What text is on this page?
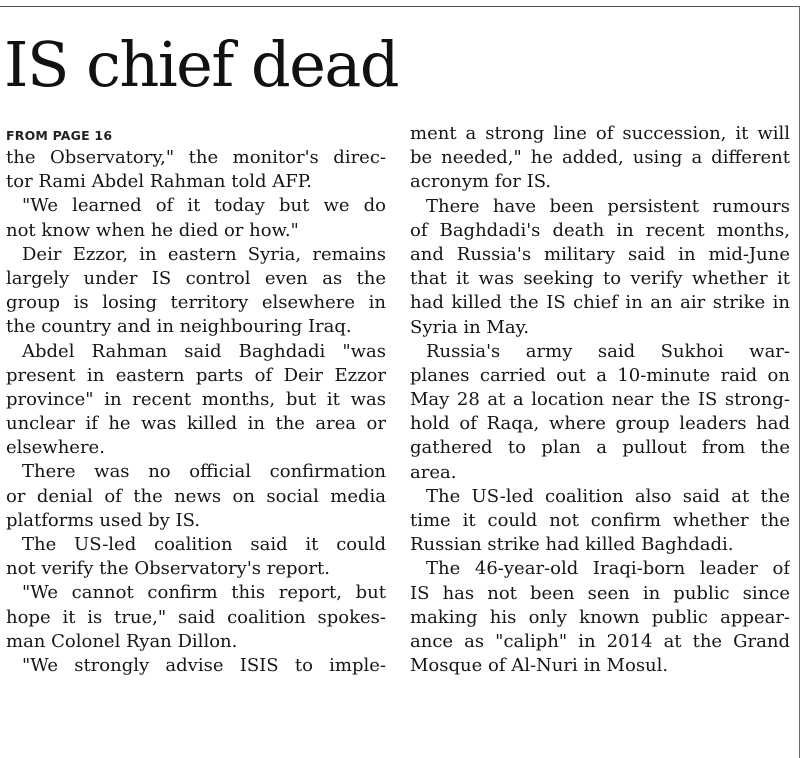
IS chief dead
FROM PAGE 16
the Observatory," the monitor's direc-
tor Rami Abdel Rahman told AFP.
"We learned of it today but we do
not know when he died or how."
Deir Ezzor, in eastern Syria, remains
largely under IS control even as the
group is losing territory elsewhere in
the country and in neighbouring Iraq.
Abdel Rahman said Baghdadi "was
present in eastern parts of Deir Ezzor
province" in recent months, but it was
unclear if he was killed in the area or
elsewhere.
There was no official confirmation
or denial of the news on social media
platforms used by IS.
The US-led coalition said it could
not verify the Observatory's report.
"We cannot confirm this report, but
hope it is true," said coalition spokes-
man Colonel Ryan Dillon.
"We strongly advise ISIS to imple-
ment a strong line of succession, it will
be needed," he added, using a different
acronym for IS.
There have been persistent rumours
of Baghdadi's death in recent months,
and Russia's military said in mid-June
that it was seeking to verify whether it
had killed the IS chief in an air strike in
Syria in May.
Russia's army said Sukhoi war-
planes carried out a 10-minute raid on
May 28 at a location near the IS strong-
hold of Raqa, where group leaders had
gathered to plan a pullout from the
area.
The US-led coalition also said at the
time it could not confirm whether the
Russian strike had killed Baghdadi.
The 46-year-old Iraqi-born leader of
IS has not been seen in public since
making his only known public appear-
ance as "caliph" in 2014 at the Grand
Mosque of Al-Nuri in Mosul.
